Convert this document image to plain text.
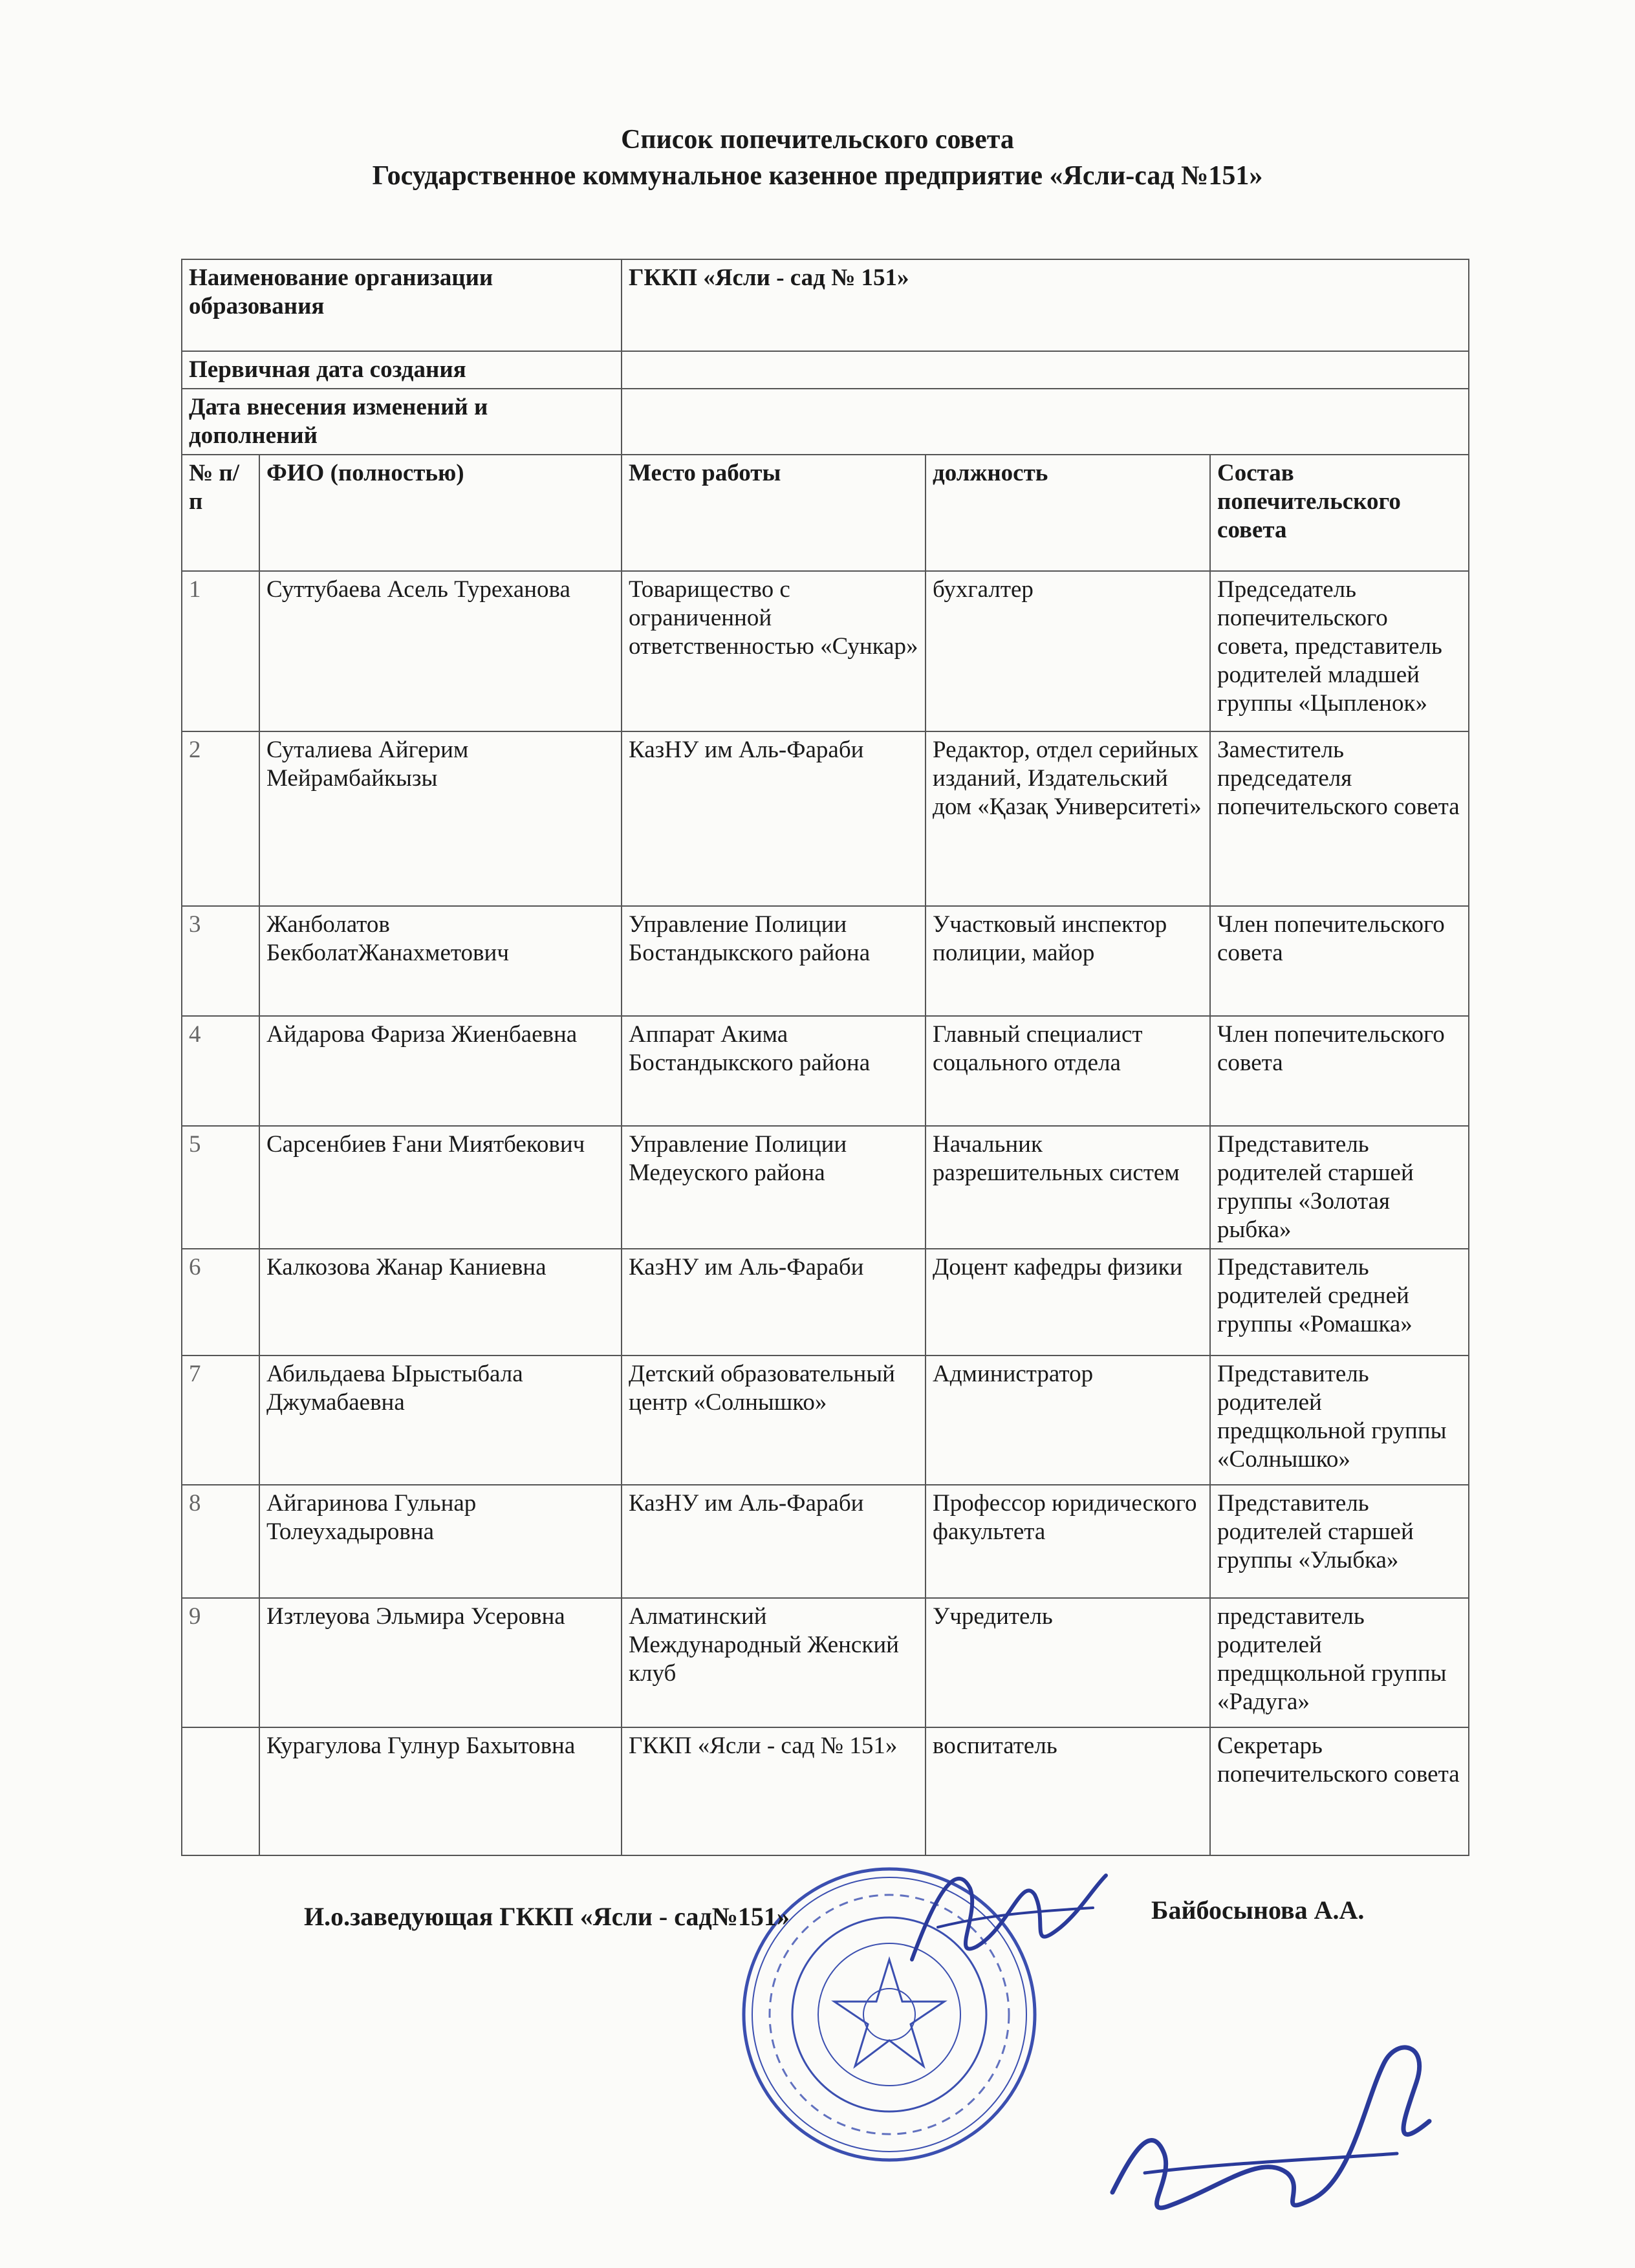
Список попечительского совета
Государственное коммунальное казенное предприятие «Ясли-сад №151»
Наименование организации образования		ГККП «Ясли - сад № 151»		
Первичная дата создания				
Дата внесения изменений и дополнений				
№ п/п	ФИО (полностью)	Место работы	должность	Состав попечительского совета
1	Суттубаева Асель Туреханова	Товарищество с ограниченной ответственностью «Сункар»	бухгалтер	Председатель попечительского совета, представитель родителей младшей группы «Цыпленок»
2	Суталиева Айгерим Мейрамбайкызы	КазНУ им Аль-Фараби	Редактор, отдел серийных изданий, Издательский дом «Қазақ Университеті»	Заместитель председателя попечительского совета
3	Жанболатов БекболатЖанахметович	Управление Полиции Бостандыкского района	Участковый инспектор полиции, майор	Член попечительского совета
4	Айдарова Фариза Жиенбаевна	Аппарат Акима Бостандыкского района	Главный специалист соцального отдела	Член попечительского совета
5	Сарсенбиев Ғани Миятбекович	Управление Полиции Медеуского района	Начальник разрешительных систем	Представитель родителей старшей группы «Золотая рыбка»
6	Калкозова Жанар Каниевна	КазНУ им Аль-Фараби	Доцент кафедры физики	Представитель родителей средней группы «Ромашка»
7	Абильдаева Ырыстыбала Джумабаевна	Детский образовательный центр «Солнышко»	Администратор	Представитель родителей предщкольной группы «Солнышко»
8	Айгаринова Гульнар Толеухадыровна	КазНУ им Аль-Фараби	Профессор юридического факультета	Представитель родителей старшей группы «Улыбка»
9	Изтлеуова Эльмира Усеровна	Алматинский Международный Женский клуб	Учредитель	представитель родителей предщкольной группы «Радуга»
	Курагулова Гулнур Бахытовна	ГККП «Ясли - сад № 151»	воспитатель	Секретарь попечительского совета
И.о.заведующая ГККП «Ясли - сад№151»	Байбосынова А.А.
